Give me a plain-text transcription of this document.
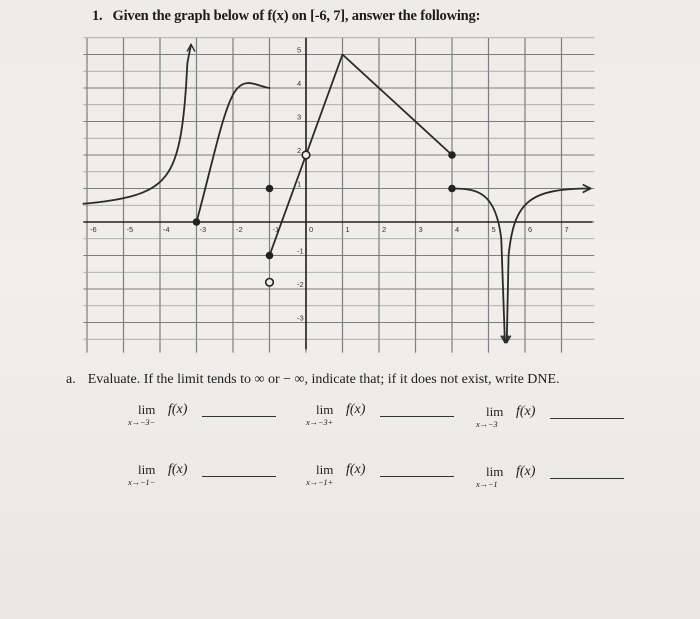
1. Given the graph below of f(x) on [-6, 7], answer the following:
-6	-5	-4	-3	-2	-1	0	1	2	3	4	5	6	7
5
4
3
2
1
-1
-2
-3
a. Evaluate. If the limit tends to ∞ or − ∞, indicate that; if it does not exist, write DNE.
lim f(x)
x→−3−
lim f(x)
x→−3+
lim f(x)
x→−3
lim f(x)
x→−1−
lim f(x)
x→−1+
lim f(x)
x→−1
